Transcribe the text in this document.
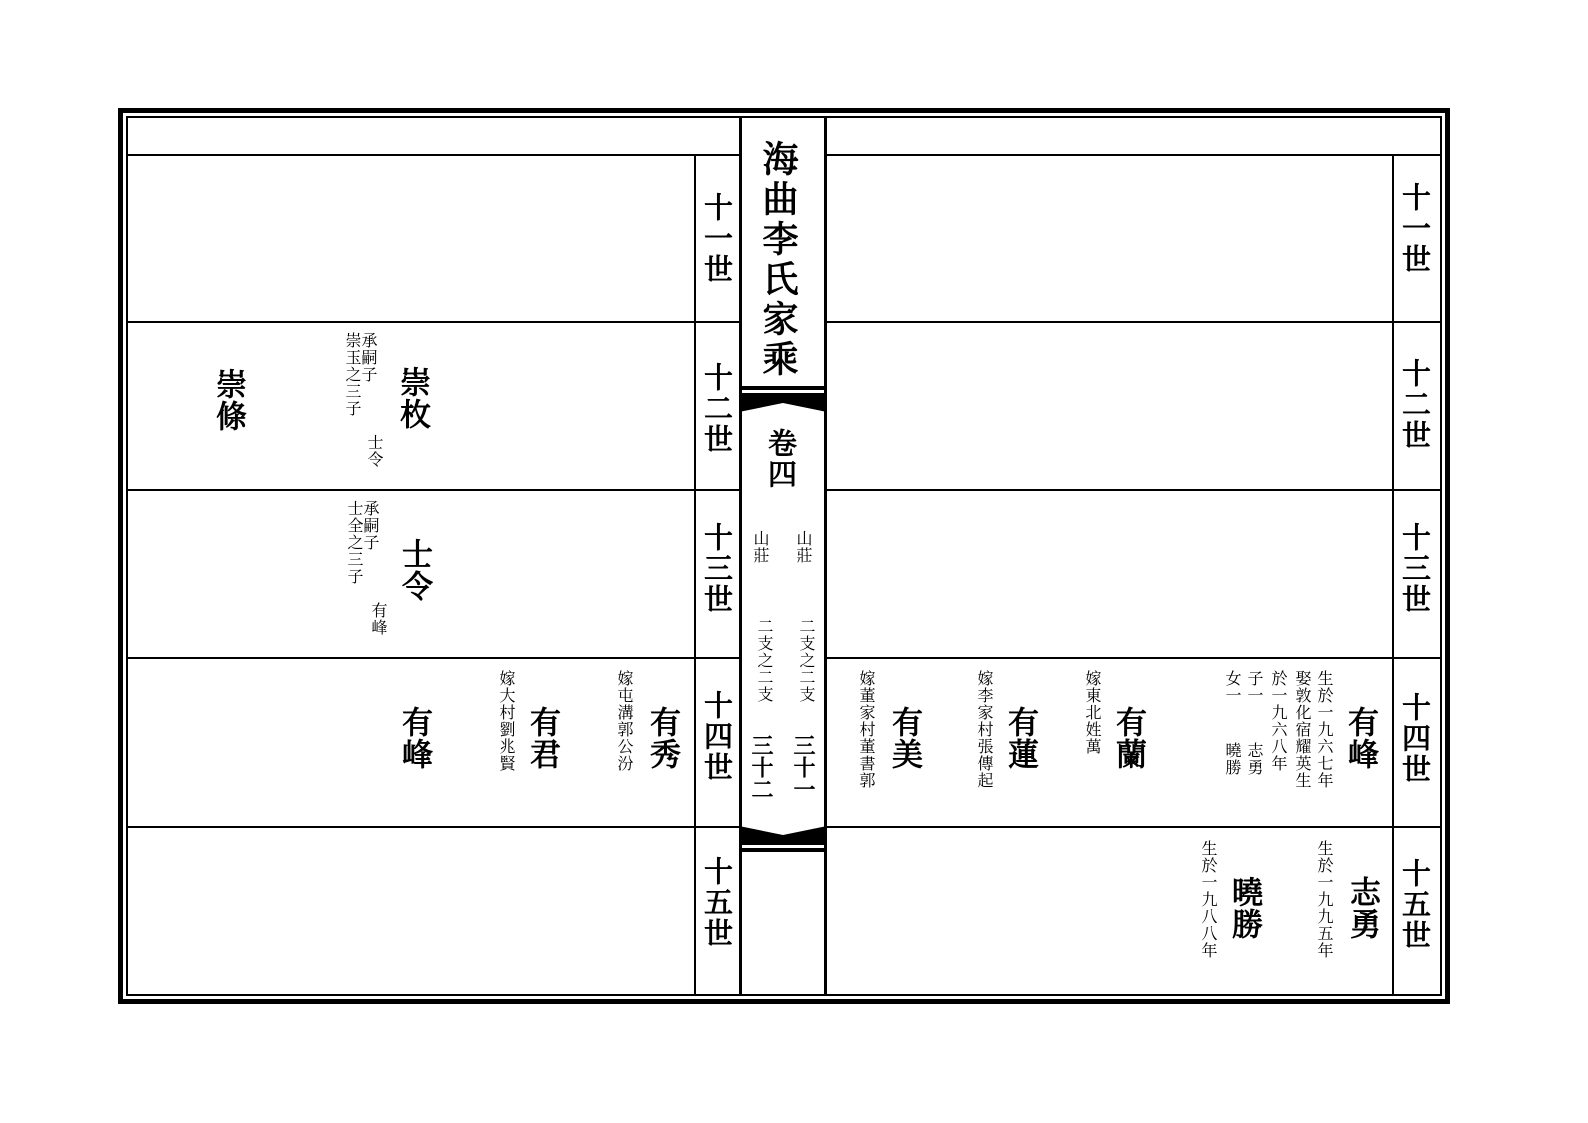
海曲李氏家乘
卷四
山莊
山莊
二支之二支
二支之二支
三十一
三十二
十一世
十二世
十三世
十四世
十五世
十一世
十二世
十三世
十四世
十五世
崇條	崇枚
承嗣子
崇玉之三子
士令
士令
承嗣子
士全之三子
有峰
有秀
嫁屯溝郭公汾
有君
嫁大村劉兆賢
有峰	有峰
生於一九六七年
娶敦化宿耀英生
於一九六八年
子一
志勇
女一
曉勝
有蘭
嫁東北姓萬
有蓮
嫁李家村張傳起
有美
嫁董家村董書郭
志勇
生於一九九五年
曉勝
生於一九八八年
